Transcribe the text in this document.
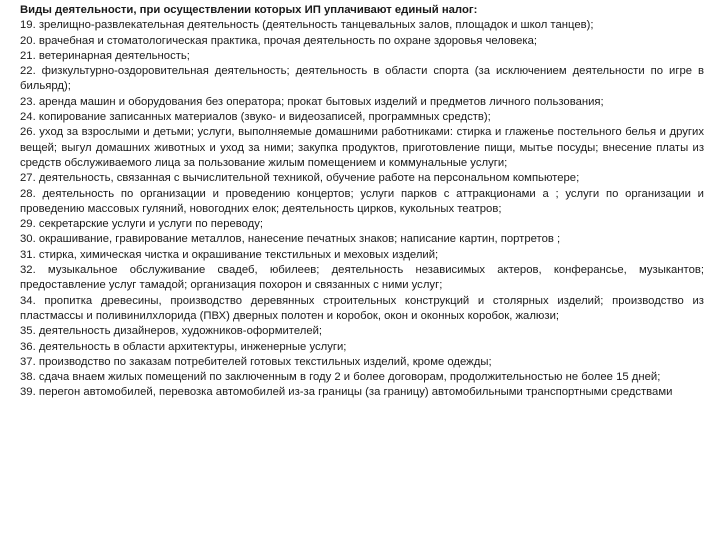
Виды деятельности, при осуществлении которых ИП уплачивают единый налог:

19. зрелищно-развлекательная деятельность (деятельность танцевальных залов, площадок и школ танцев);
20. врачебная и стоматологическая практика, прочая деятельность по охране здоровья человека;
21. ветеринарная деятельность;
22. физкультурно-оздоровительная деятельность; деятельность в области спорта (за исключением деятельности по игре в бильярд);
23. аренда машин и оборудования без оператора; прокат бытовых изделий и предметов личного пользования;
24. копирование записанных материалов (звуко- и видеозаписей, программных средств);
26. уход за взрослыми и детьми; услуги, выполняемые домашними работниками: стирка и глаженье постельного белья и других вещей; выгул домашних животных и уход за ними; закупка продуктов, приготовление пищи, мытье посуды; внесение платы из средств обслуживаемого лица за пользование жилым помещением и коммунальные услуги;
27. деятельность, связанная с вычислительной техникой, обучение работе на персональном компьютере;
28. деятельность по организации и проведению концертов; услуги парков с аттракционами а ; услуги по организации и проведению массовых гуляний, новогодних елок; деятельность цирков, кукольных театров;
29. секретарские услуги и услуги по переводу;
30. окрашивание, гравирование металлов, нанесение печатных знаков; написание картин, портретов ;
31. стирка, химическая чистка и окрашивание текстильных и меховых изделий;
32. музыкальное обслуживание свадеб, юбилеев; деятельность независимых актеров, конферансье, музыкантов; предоставление услуг тамадой; организация похорон и связанных с ними услуг;
34. пропитка древесины, производство деревянных строительных конструкций и столярных изделий; производство из пластмассы и поливинилхлорида (ПВХ) дверных полотен и коробок, окон и оконных коробок, жалюзи;
35. деятельность дизайнеров, художников-оформителей;
36. деятельность в области архитектуры, инженерные услуги;
37. производство по заказам потребителей готовых текстильных изделий, кроме одежды;
38. сдача внаем жилых помещений по заключенным в году 2 и более договорам, продолжительностью не более 15 дней;
39. перегон автомобилей, перевозка автомобилей из-за границы (за границу) автомобильными транспортными средствами
